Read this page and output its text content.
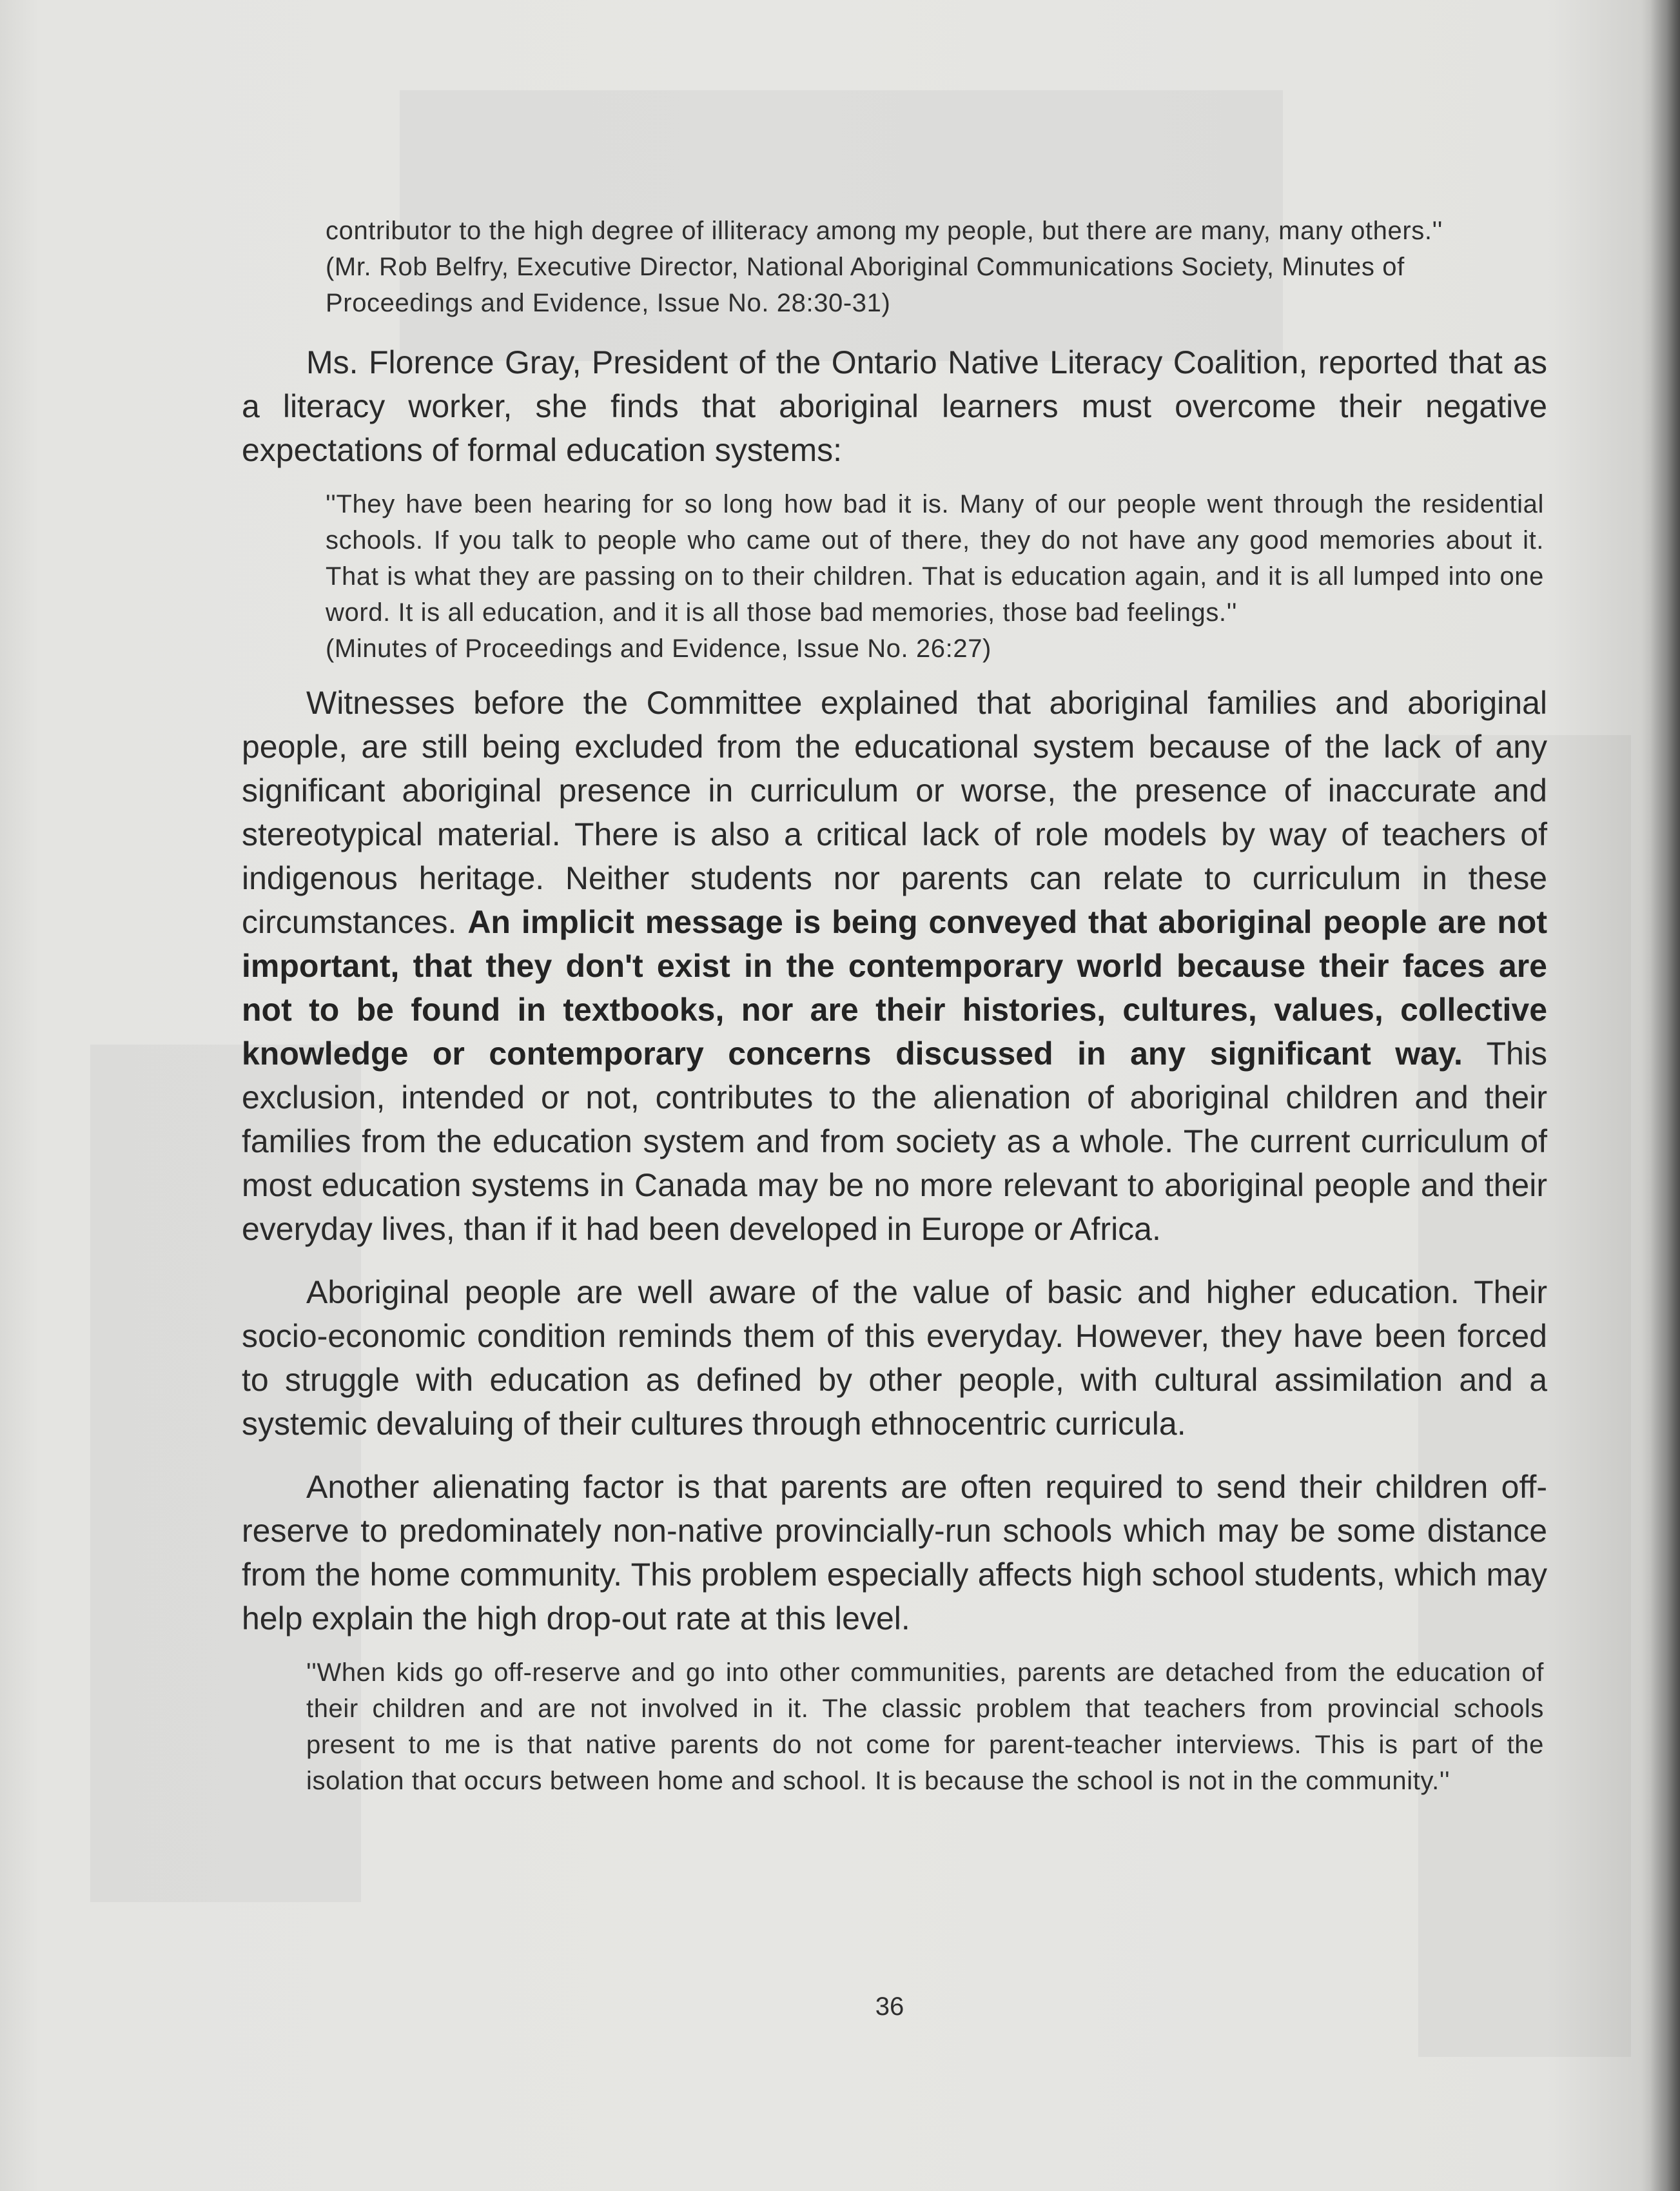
contributor to the high degree of illiteracy among my people, but there are many, many others.''
(Mr. Rob Belfry, Executive Director, National Aboriginal Communications Society, Minutes of Proceedings and Evidence, Issue No. 28:30-31)

Ms. Florence Gray, President of the Ontario Native Literacy Coalition, reported that as a literacy worker, she finds that aboriginal learners must overcome their negative expectations of formal education systems:

''They have been hearing for so long how bad it is. Many of our people went through the residential schools. If you talk to people who came out of there, they do not have any good memories about it. That is what they are passing on to their children. That is education again, and it is all lumped into one word. It is all education, and it is all those bad memories, those bad feelings.''
(Minutes of Proceedings and Evidence, Issue No. 26:27)

Witnesses before the Committee explained that aboriginal families and aboriginal people, are still being excluded from the educational system because of the lack of any significant aboriginal presence in curriculum or worse, the presence of inaccurate and stereotypical material. There is also a critical lack of role models by way of teachers of indigenous heritage. Neither students nor parents can relate to curriculum in these circumstances. An implicit message is being conveyed that aboriginal people are not important, that they don't exist in the contemporary world because their faces are not to be found in textbooks, nor are their histories, cultures, values, collective knowledge or contemporary concerns discussed in any significant way. This exclusion, intended or not, contributes to the alienation of aboriginal children and their families from the education system and from society as a whole. The current curriculum of most education systems in Canada may be no more relevant to aboriginal people and their everyday lives, than if it had been developed in Europe or Africa.

Aboriginal people are well aware of the value of basic and higher education. Their socio-economic condition reminds them of this everyday. However, they have been forced to struggle with education as defined by other people, with cultural assimilation and a systemic devaluing of their cultures through ethnocentric curricula.

Another alienating factor is that parents are often required to send their children off-reserve to predominately non-native provincially-run schools which may be some distance from the home community. This problem especially affects high school students, which may help explain the high drop-out rate at this level.

''When kids go off-reserve and go into other communities, parents are detached from the education of their children and are not involved in it. The classic problem that teachers from provincial schools present to me is that native parents do not come for parent-teacher interviews. This is part of the isolation that occurs between home and school. It is because the school is not in the community.''
36
